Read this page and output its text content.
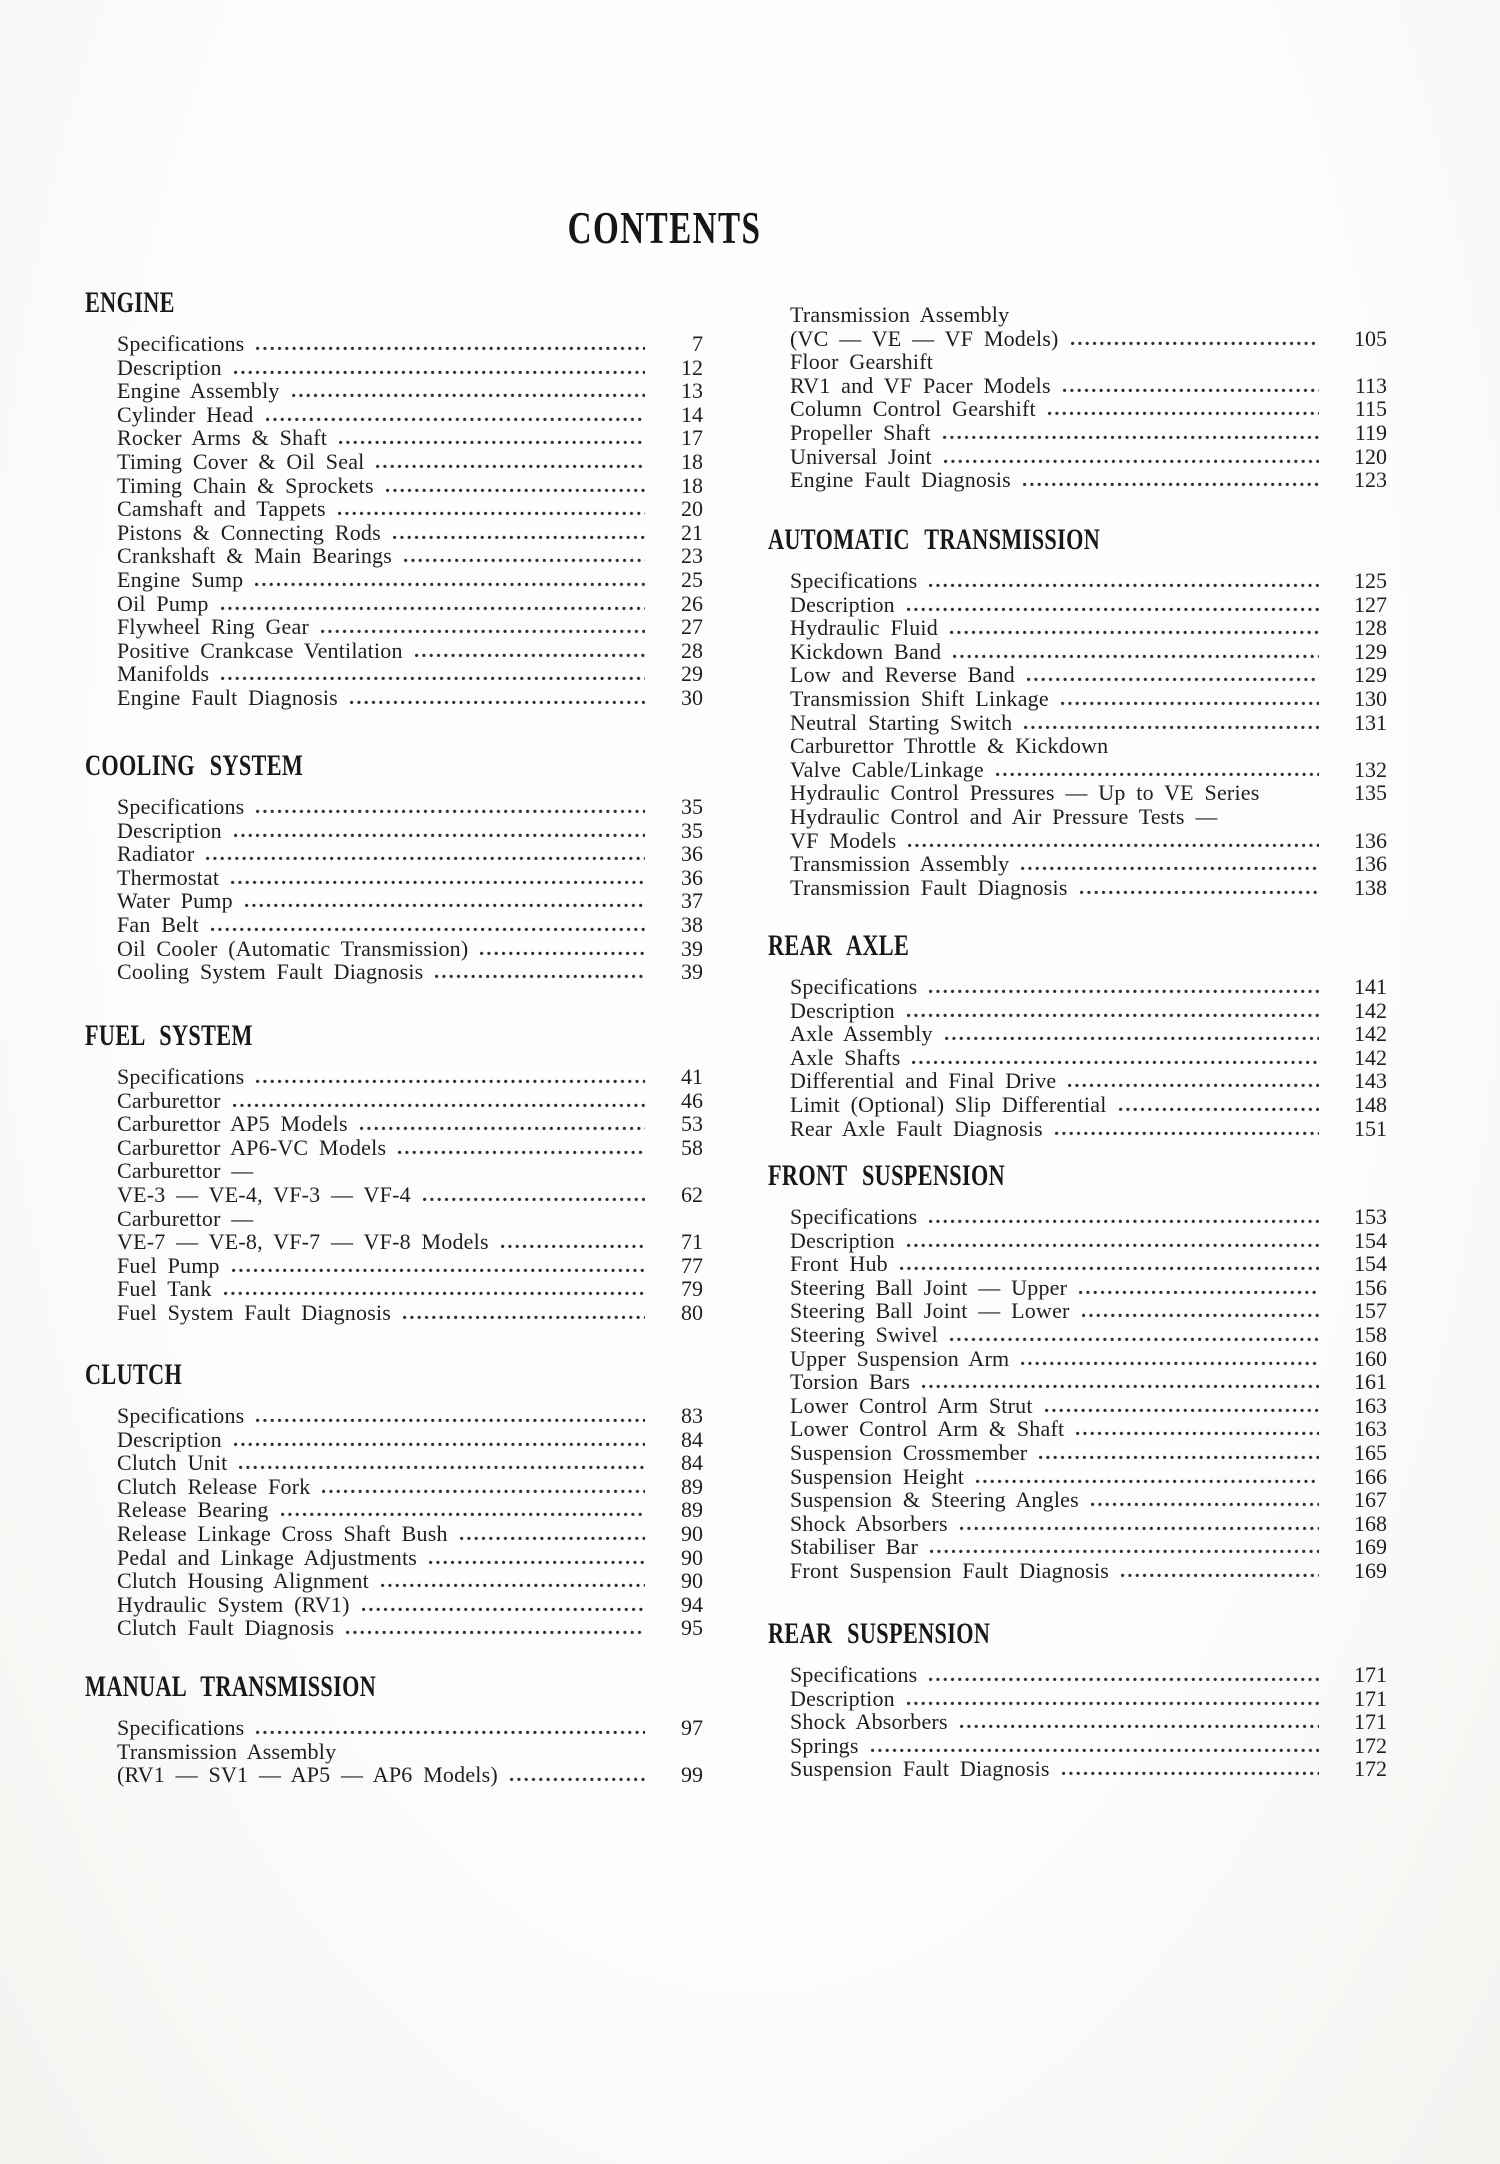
CONTENTS
ENGINE
Specifications	7
Description	12
Engine Assembly	13
Cylinder Head	14
Rocker Arms & Shaft	17
Timing Cover & Oil Seal	18
Timing Chain & Sprockets	18
Camshaft and Tappets	20
Pistons & Connecting Rods	21
Crankshaft & Main Bearings	23
Engine Sump	25
Oil Pump	26
Flywheel Ring Gear	27
Positive Crankcase Ventilation	28
Manifolds	29
Engine Fault Diagnosis	30
COOLING SYSTEM
Specifications	35
Description	35
Radiator	36
Thermostat	36
Water Pump	37
Fan Belt	38
Oil Cooler (Automatic Transmission)	39
Cooling System Fault Diagnosis	39
FUEL SYSTEM
Specifications	41
Carburettor	46
Carburettor AP5 Models	53
Carburettor AP6-VC Models	58
Carburettor —
VE-3 — VE-4, VF-3 — VF-4	62
Carburettor —
VE-7 — VE-8, VF-7 — VF-8 Models	71
Fuel Pump	77
Fuel Tank	79
Fuel System Fault Diagnosis	80
CLUTCH
Specifications	83
Description	84
Clutch Unit	84
Clutch Release Fork	89
Release Bearing	89
Release Linkage Cross Shaft Bush	90
Pedal and Linkage Adjustments	90
Clutch Housing Alignment	90
Hydraulic System (RV1)	94
Clutch Fault Diagnosis	95
MANUAL TRANSMISSION
Specifications	97
Transmission Assembly
(RV1 — SV1 — AP5 — AP6 Models)	99
Transmission Assembly
(VC — VE — VF Models)	105
Floor Gearshift
RV1 and VF Pacer Models	113
Column Control Gearshift	115
Propeller Shaft	119
Universal Joint	120
Engine Fault Diagnosis	123
AUTOMATIC TRANSMISSION
Specifications	125
Description	127
Hydraulic Fluid	128
Kickdown Band	129
Low and Reverse Band	129
Transmission Shift Linkage	130
Neutral Starting Switch	131
Carburettor Throttle & Kickdown
Valve Cable/Linkage	132
Hydraulic Control Pressures — Up to VE Series	135
Hydraulic Control and Air Pressure Tests —
VF Models	136
Transmission Assembly	136
Transmission Fault Diagnosis	138
REAR AXLE
Specifications	141
Description	142
Axle Assembly	142
Axle Shafts	142
Differential and Final Drive	143
Limit (Optional) Slip Differential	148
Rear Axle Fault Diagnosis	151
FRONT SUSPENSION
Specifications	153
Description	154
Front Hub	154
Steering Ball Joint — Upper	156
Steering Ball Joint — Lower	157
Steering Swivel	158
Upper Suspension Arm	160
Torsion Bars	161
Lower Control Arm Strut	163
Lower Control Arm & Shaft	163
Suspension Crossmember	165
Suspension Height	166
Suspension & Steering Angles	167
Shock Absorbers	168
Stabiliser Bar	169
Front Suspension Fault Diagnosis	169
REAR SUSPENSION
Specifications	171
Description	171
Shock Absorbers	171
Springs	172
Suspension Fault Diagnosis	172
